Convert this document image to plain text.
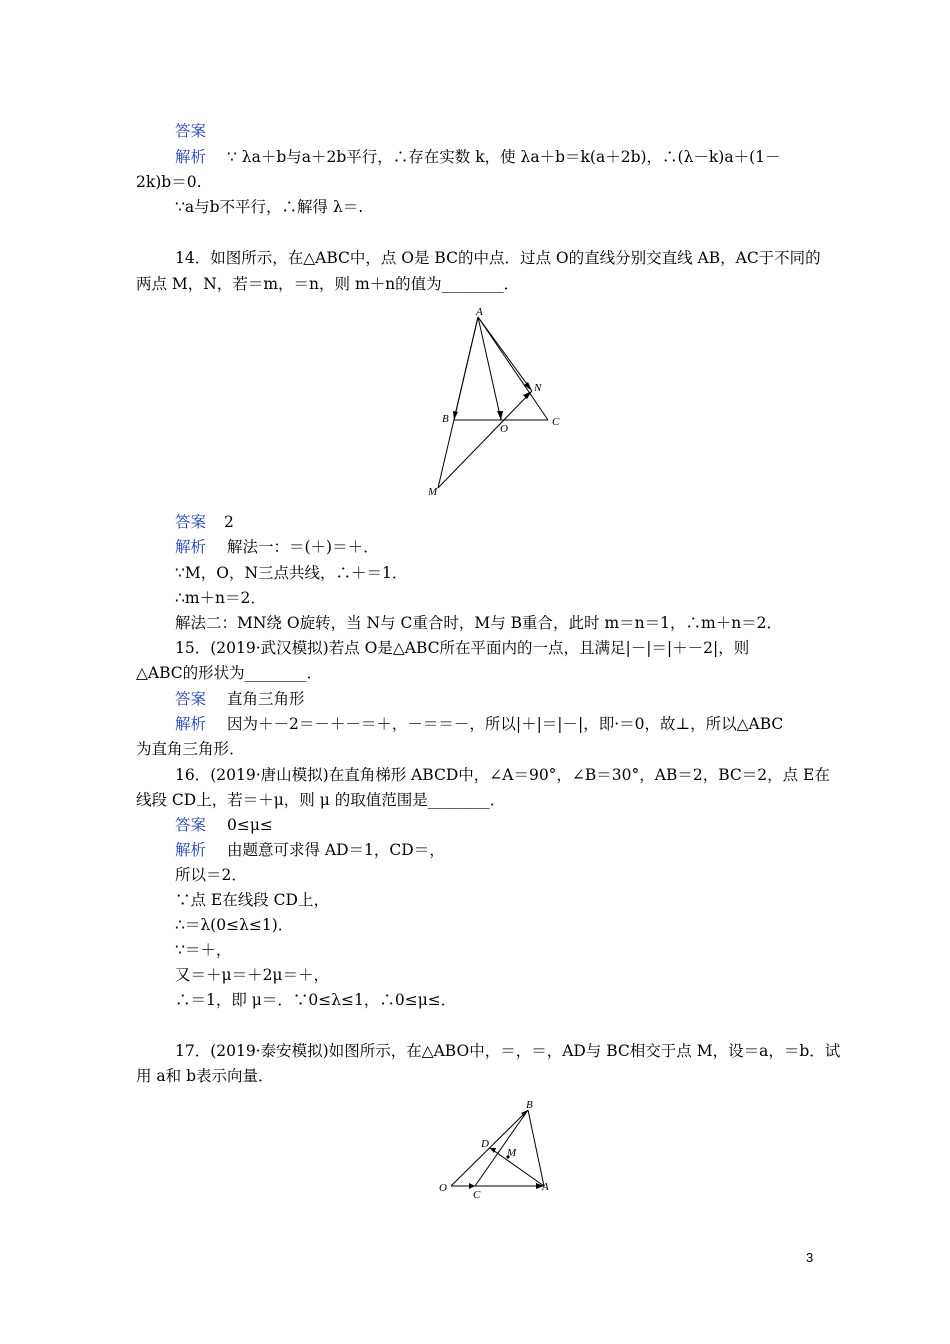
答案
解析 ∵ λa＋b与a＋2b平行，∴存在实数 k，使 λa＋b＝k(a＋2b)，∴(λ－k)a＋(1－
2k)b＝0.
∵a与b不平行，∴解得 λ＝.
14．如图所示，在△ABC中，点 O是 BC的中点．过点 O的直线分别交直线 AB，AC于不同的
两点 M，N，若＝m，＝n，则 m＋n的值为________．
A
B	C
O
N
M
答案 2
解析 解法一：＝(＋)＝＋．
∵M，O，N三点共线，∴＋＝1．
∴m＋n＝2．
解法二：MN绕 O旋转，当 N与 C重合时，M与 B重合，此时 m＝n＝1，∴m＋n＝2．
15．(2019·武汉模拟)若点 O是△ABC所在平面内的一点，且满足|－|＝|＋－2|，则
△ABC的形状为________．
答案 直角三角形
解析 因为＋－2＝－＋－＝＋，－＝＝－，所以|＋|＝|－|，即·＝0，故⊥，所以△ABC
为直角三角形．
16．(2019·唐山模拟)在直角梯形 ABCD中，∠A＝90°，∠B＝30°，AB＝2，BC＝2，点 E在
线段 CD上，若＝＋μ，则 μ 的取值范围是________．
答案 0≤μ≤
解析 由题意可求得 AD＝1，CD＝，
所以＝2．
∵点 E在线段 CD上，
∴＝λ(0≤λ≤1)．
∵＝＋，
又＝＋μ＝＋2μ＝＋，
∴＝1，即 μ＝．∵0≤λ≤1，∴0≤μ≤．
17．(2019·泰安模拟)如图所示，在△ABO中，＝，＝，AD与 BC相交于点 M，设＝a，＝b．试
用 a和 b表示向量．
B
D
M
O
C
A
3
